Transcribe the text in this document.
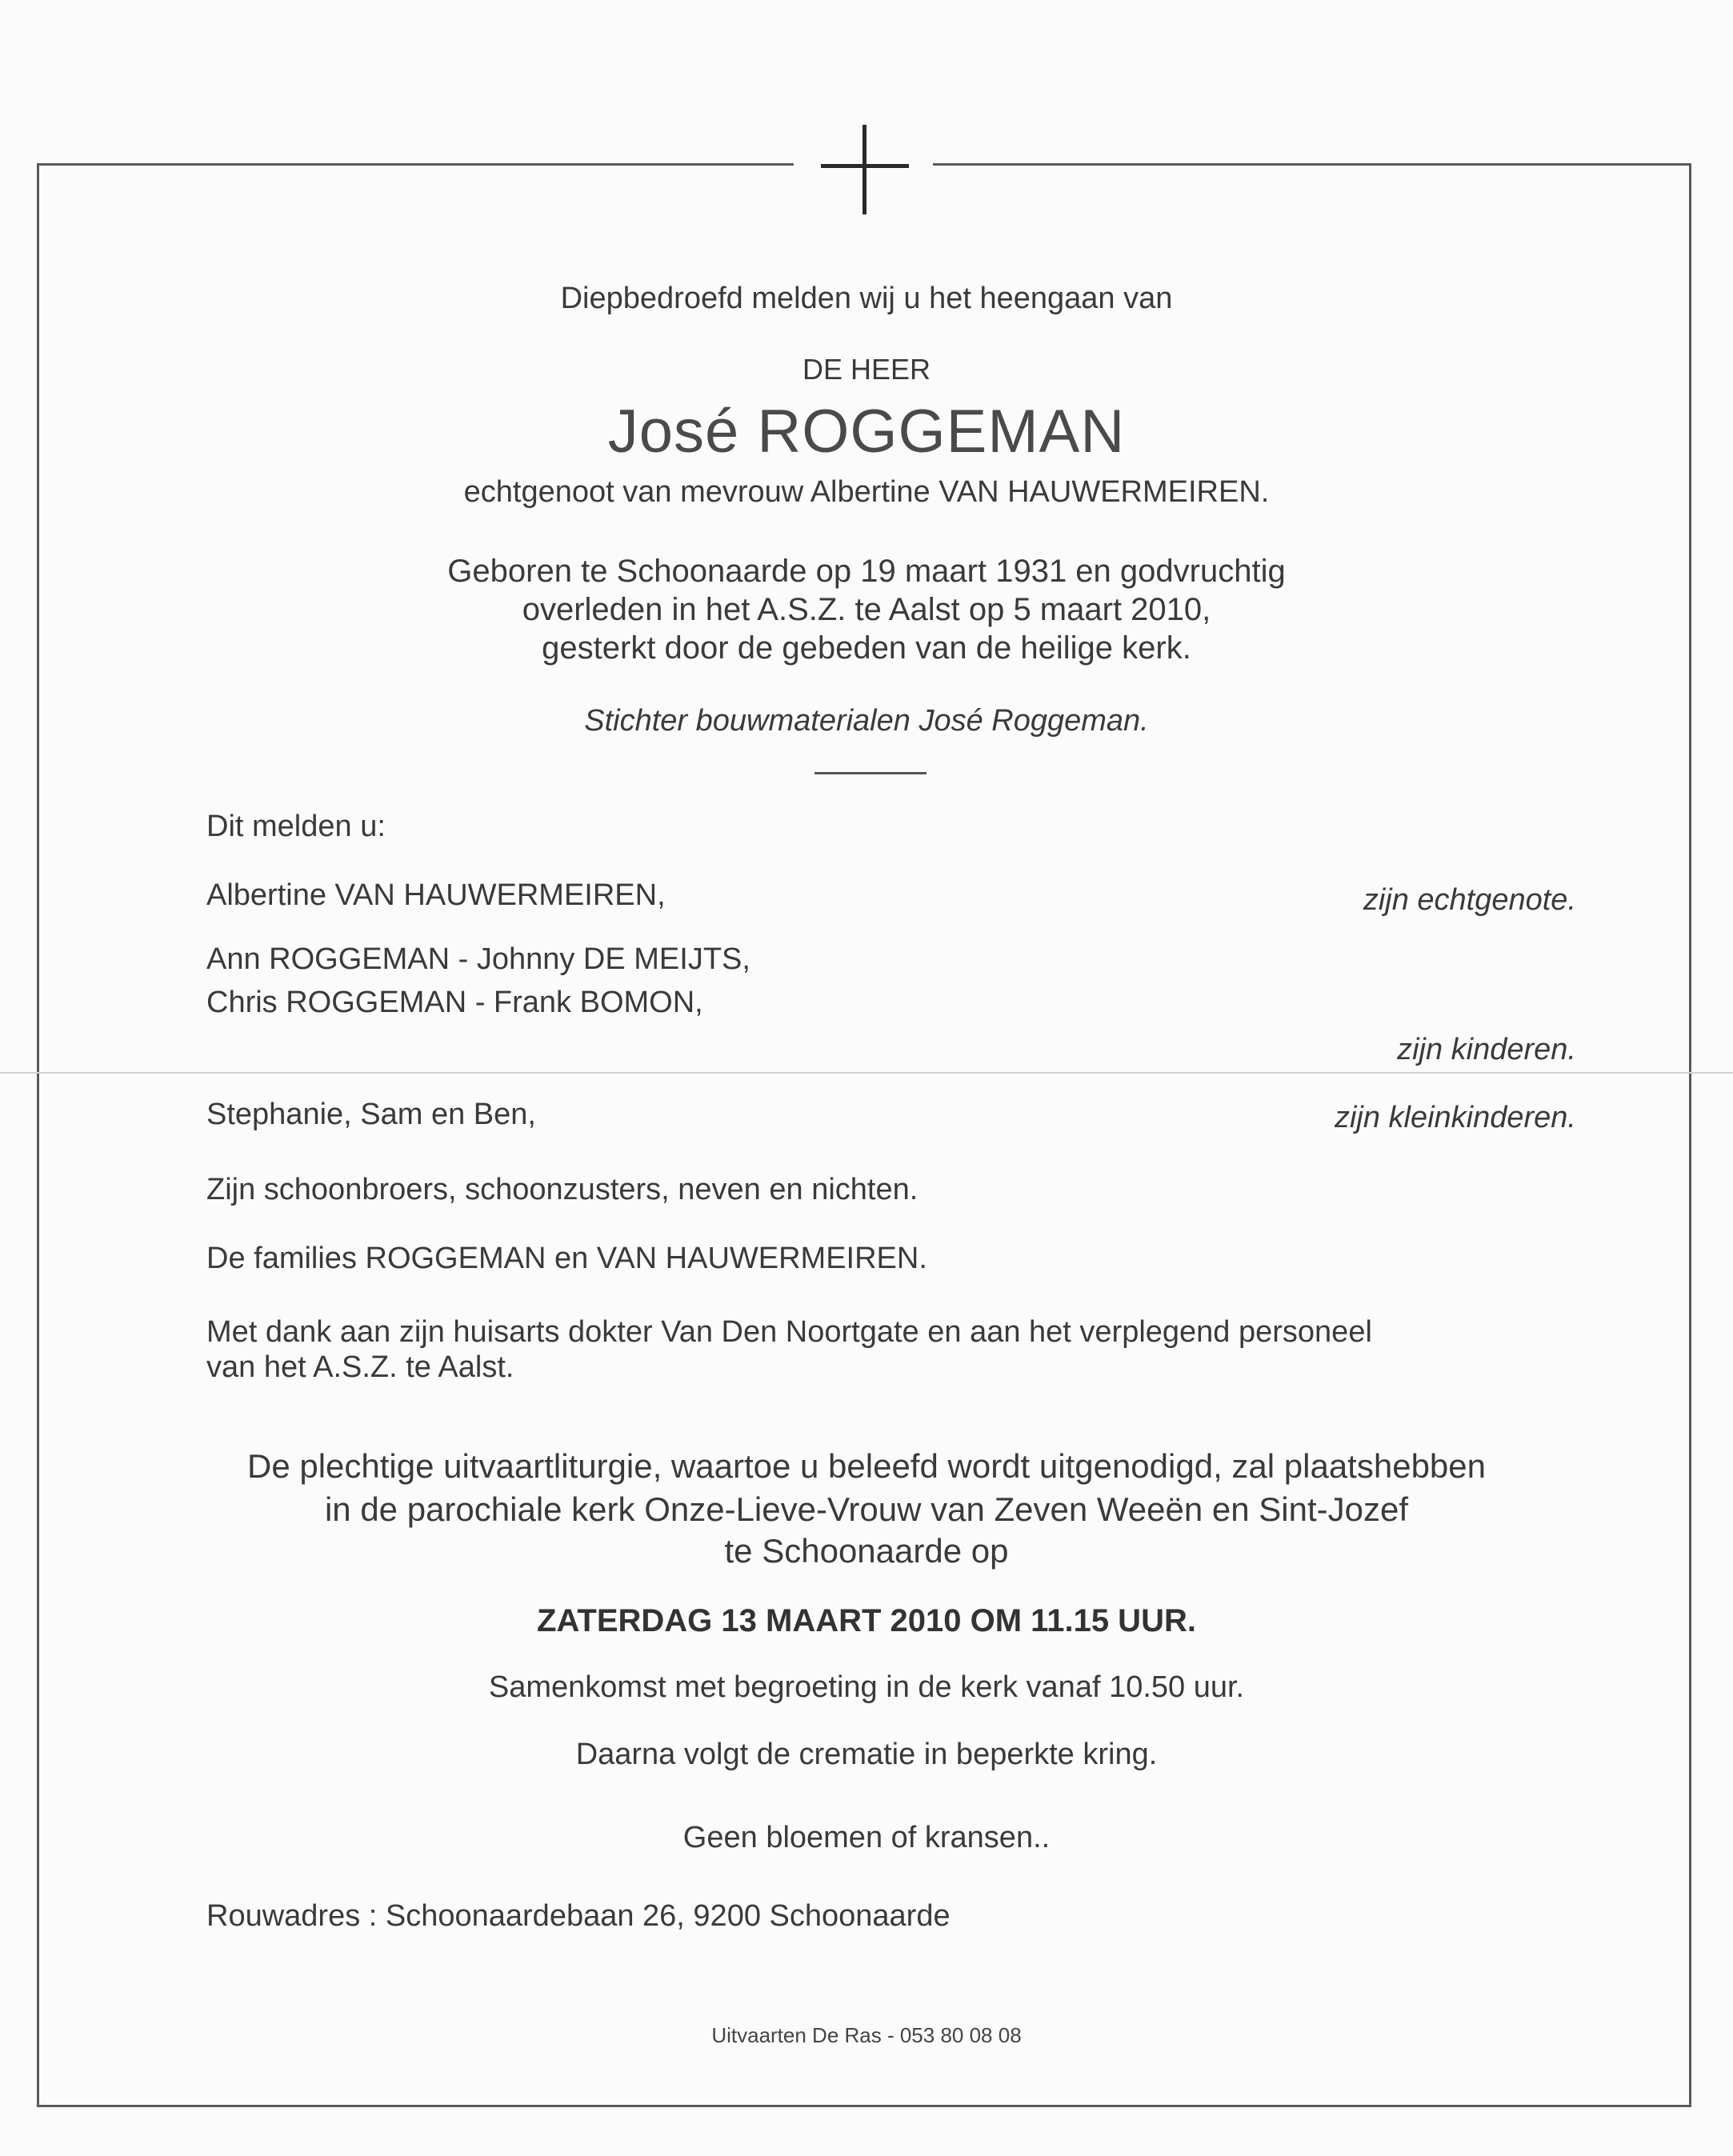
Diepbedroefd melden wij u het heengaan van
DE HEER
José ROGGEMAN
echtgenoot van mevrouw Albertine VAN HAUWERMEIREN.
Geboren te Schoonaarde op 19 maart 1931 en godvruchtig
overleden in het A.S.Z. te Aalst op 5 maart 2010,
gesterkt door de gebeden van de heilige kerk.
Stichter bouwmaterialen José Roggeman.
Dit melden u:
Albertine VAN HAUWERMEIREN,	zijn echtgenote.
Ann ROGGEMAN - Johnny DE MEIJTS,
Chris ROGGEMAN - Frank BOMON,
zijn kinderen.
Stephanie, Sam en Ben,	zijn kleinkinderen.
Zijn schoonbroers, schoonzusters, neven en nichten.
De families ROGGEMAN en VAN HAUWERMEIREN.
Met dank aan zijn huisarts dokter Van Den Noortgate en aan het verplegend personeel
van het A.S.Z. te Aalst.
De plechtige uitvaartliturgie, waartoe u beleefd wordt uitgenodigd, zal plaatshebben
in de parochiale kerk Onze-Lieve-Vrouw van Zeven Weeën en Sint-Jozef
te Schoonaarde op
ZATERDAG 13 MAART 2010 OM 11.15 UUR.
Samenkomst met begroeting in de kerk vanaf 10.50 uur.
Daarna volgt de crematie in beperkte kring.
Geen bloemen of kransen..
Rouwadres : Schoonaardebaan 26, 9200 Schoonaarde
Uitvaarten De Ras - 053 80 08 08
